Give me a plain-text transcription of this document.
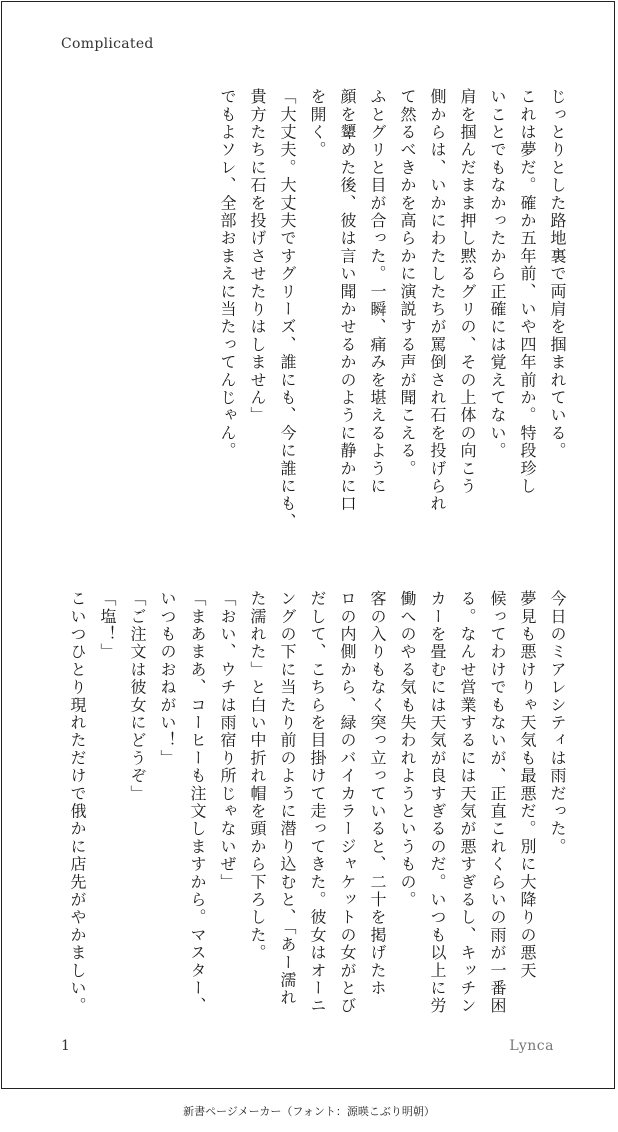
Complicated
じっとりとした路地裏で両肩を掴まれている。
これは夢だ。確か五年前、いや四年前か。特段珍し
いことでもなかったから正確には覚えてない。
肩を掴んだまま押し黙るグリの、その上体の向こう
側からは、いかにわたしたちが罵倒され石を投げられ
て然るべきかを高らかに演説する声が聞こえる。
ふとグリと目が合った。一瞬、痛みを堪えるように
顔を顰めた後、彼は言い聞かせるかのように静かに口
を開く。
「大丈夫。大丈夫ですグリーズ、誰にも、今に誰にも、
貴方たちに石を投げさせたりはしません」
でもよソレ、全部おまえに当たってんじゃん。
今日のミアレシティは雨だった。
夢見も悪けりゃ天気も最悪だ。別に大降りの悪天
候ってわけでもないが、正直これくらいの雨が一番困
る。なんせ営業するには天気が悪すぎるし、キッチン
カーを畳むには天気が良すぎるのだ。いつも以上に労
働へのやる気も失われようというもの。
客の入りもなく突っ立っていると、二十を掲げたホ
ロの内側から、緑のバイカラージャケットの女がとび
だして、こちらを目掛けて走ってきた。彼女はオーニ
ングの下に当たり前のように潜り込むと、「あー濡れ
た濡れた」と白い中折れ帽を頭から下ろした。
「おい、ウチは雨宿り所じゃないぜ」
「まあまあ、コーヒーも注文しますから。マスター、
いつものおねがい！」
「ご注文は彼女にどうぞ」
「塩！」
こいつひとり現れただけで俄かに店先がやかましい。
1	Lynca
新書ページメーカー（フォント：源暎こぶり明朝）
